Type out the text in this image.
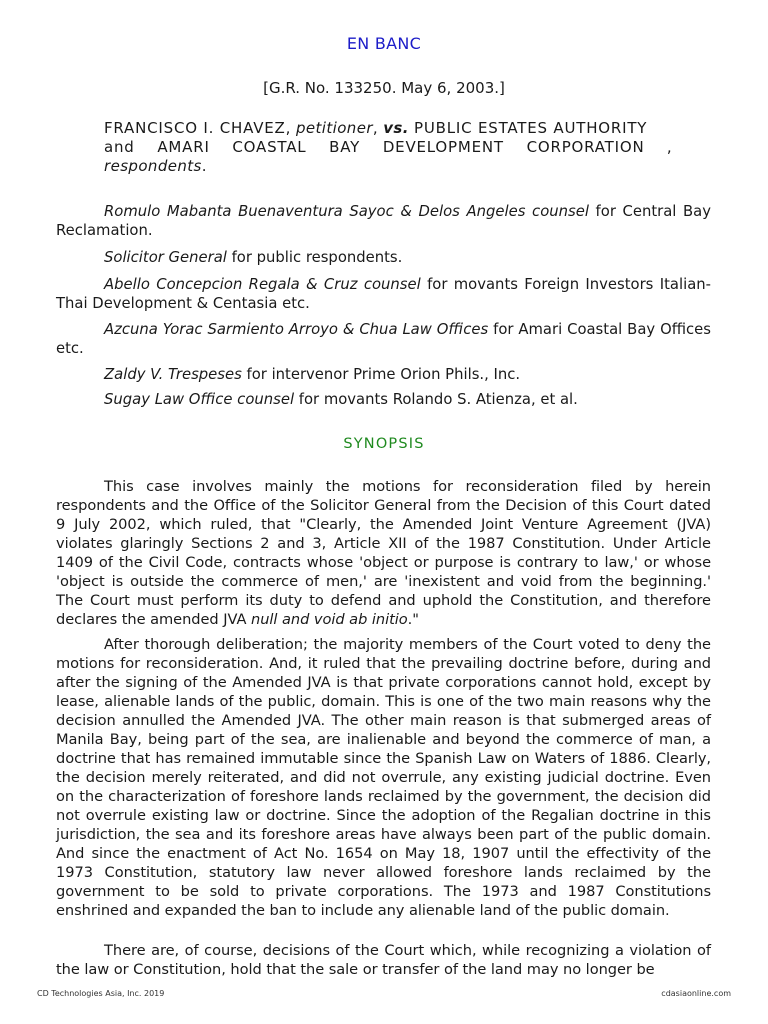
EN BANC
[G.R. No. 133250. May 6, 2003.]
FRANCISCO I. CHAVEZ, petitioner, vs. PUBLIC ESTATES AUTHORITY
and AMARI COASTAL BAY DEVELOPMENT CORPORATION ,
respondents.

Romulo Mabanta Buenaventura Sayoc & Delos Angeles counsel for Central Bay Reclamation.

Solicitor General for public respondents.

Abello Concepcion Regala & Cruz counsel for movants Foreign Investors Italian-Thai Development & Centasia etc.

Azcuna Yorac Sarmiento Arroyo & Chua Law Offices for Amari Coastal Bay Offices etc.

Zaldy V. Trespeses for intervenor Prime Orion Phils., Inc.

Sugay Law Office counsel for movants Rolando S. Atienza, et al.

SYNOPSIS

This case involves mainly the motions for reconsideration filed by herein respondents and the Office of the Solicitor General from the Decision of this Court dated 9 July 2002, which ruled, that "Clearly, the Amended Joint Venture Agreement (JVA) violates glaringly Sections 2 and 3, Article XII of the 1987 Constitution. Under Article 1409 of the Civil Code, contracts whose 'object or purpose is contrary to law,' or whose 'object is outside the commerce of men,' are 'inexistent and void from the beginning.' The Court must perform its duty to defend and uphold the Constitution, and therefore declares the amended JVA null and void ab initio."

After thorough deliberation; the majority members of the Court voted to deny the motions for reconsideration. And, it ruled that the prevailing doctrine before, during and after the signing of the Amended JVA is that private corporations cannot hold, except by lease, alienable lands of the public, domain. This is one of the two main reasons why the decision annulled the Amended JVA. The other main reason is that submerged areas of Manila Bay, being part of the sea, are inalienable and beyond the commerce of man, a doctrine that has remained immutable since the Spanish Law on Waters of 1886. Clearly, the decision merely reiterated, and did not overrule, any existing judicial doctrine. Even on the characterization of foreshore lands reclaimed by the government, the decision did not overrule existing law or doctrine. Since the adoption of the Regalian doctrine in this jurisdiction, the sea and its foreshore areas have always been part of the public domain. And since the enactment of Act No. 1654 on May 18, 1907 until the effectivity of the 1973 Constitution, statutory law never allowed foreshore lands reclaimed by the government to be sold to private corporations. The 1973 and 1987 Constitutions enshrined and expanded the ban to include any alienable land of the public domain.

There are, of course, decisions of the Court which, while recognizing a violation of the law or Constitution, hold that the sale or transfer of the land may no longer be

CD Technologies Asia, Inc. 2019	cdasiaonline.com
